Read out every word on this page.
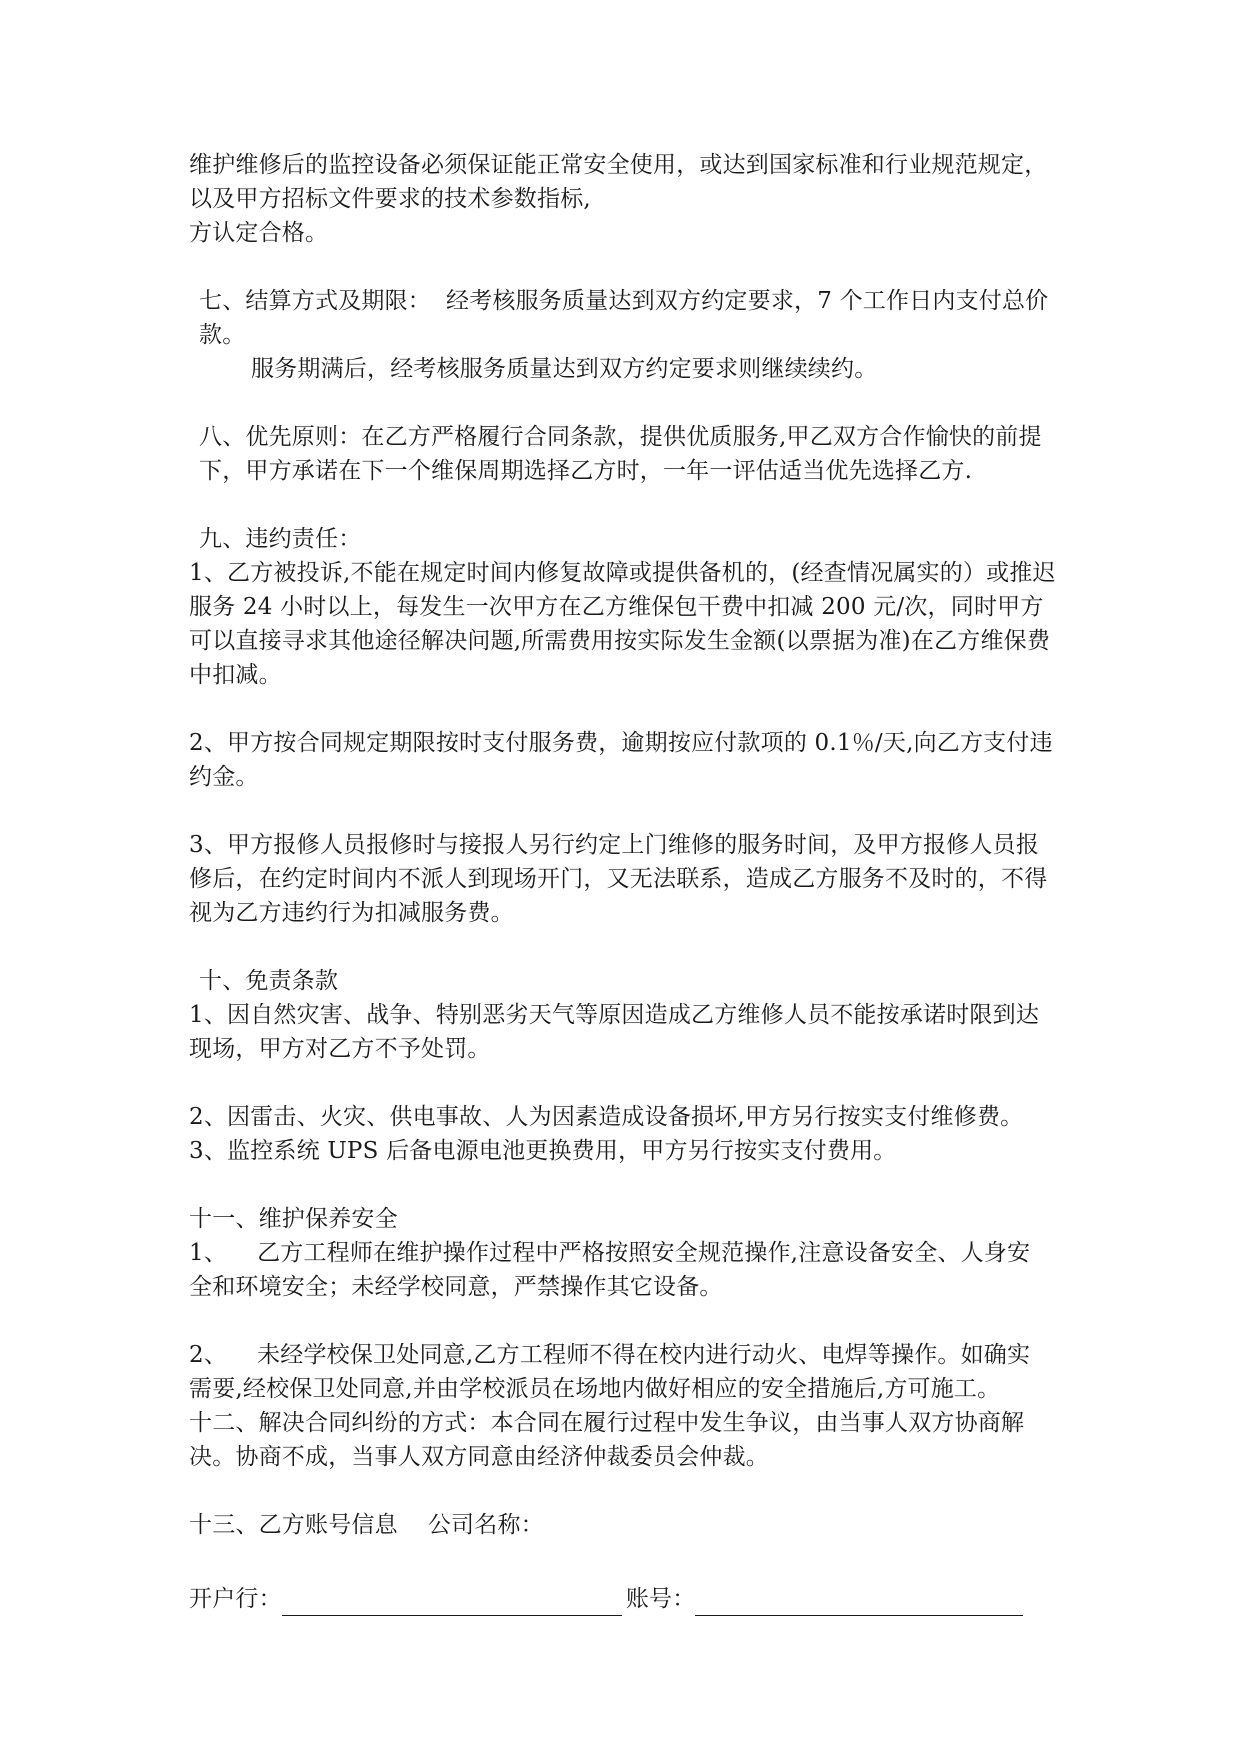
维护维修后的监控设备必须保证能正常安全使用，或达到国家标准和行业规范规定，以及甲方招标文件要求的技术参数指标,

方认定合格。

七、结算方式及期限：  经考核服务质量达到双方约定要求，7 个工作日内支付总价款。

服务期满后，经考核服务质量达到双方约定要求则继续续约。

八、优先原则：在乙方严格履行合同条款，提供优质服务,甲乙双方合作愉快的前提下，甲方承诺在下一个维保周期选择乙方时，一年一评估适当优先选择乙方.

九、违约责任：

1、乙方被投诉,不能在规定时间内修复故障或提供备机的，(经查情况属实的）或推迟服务 24 小时以上，每发生一次甲方在乙方维保包干费中扣减 200 元/次，同时甲方可以直接寻求其他途径解决问题,所需费用按实际发生金额(以票据为准)在乙方维保费中扣减。

2、甲方按合同规定期限按时支付服务费，逾期按应付款项的 0.1％/天,向乙方支付违约金。

3、甲方报修人员报修时与接报人另行约定上门维修的服务时间，及甲方报修人员报修后，在约定时间内不派人到现场开门，又无法联系，造成乙方服务不及时的，不得视为乙方违约行为扣减服务费。

十、免责条款

1、因自然灾害、战争、特别恶劣天气等原因造成乙方维修人员不能按承诺时限到达现场，甲方对乙方不予处罚。

2、因雷击、火灾、供电事故、人为因素造成设备损坏,甲方另行按实支付维修费。

3、监控系统 UPS 后备电源电池更换费用，甲方另行按实支付费用。

十一、维护保养安全

1、    乙方工程师在维护操作过程中严格按照安全规范操作,注意设备安全、人身安  全和环境安全；未经学校同意，严禁操作其它设备。

2、    未经学校保卫处同意,乙方工程师不得在校内进行动火、电焊等操作。如确实  需要,经校保卫处同意,并由学校派员在场地内做好相应的安全措施后,方可施工。

十二、解决合同纠纷的方式：本合同在履行过程中发生争议，由当事人双方协商解决。协商不成，当事人双方同意由经济仲裁委员会仲裁。

十三、乙方账号信息    公司名称：

开户行：	账号：
